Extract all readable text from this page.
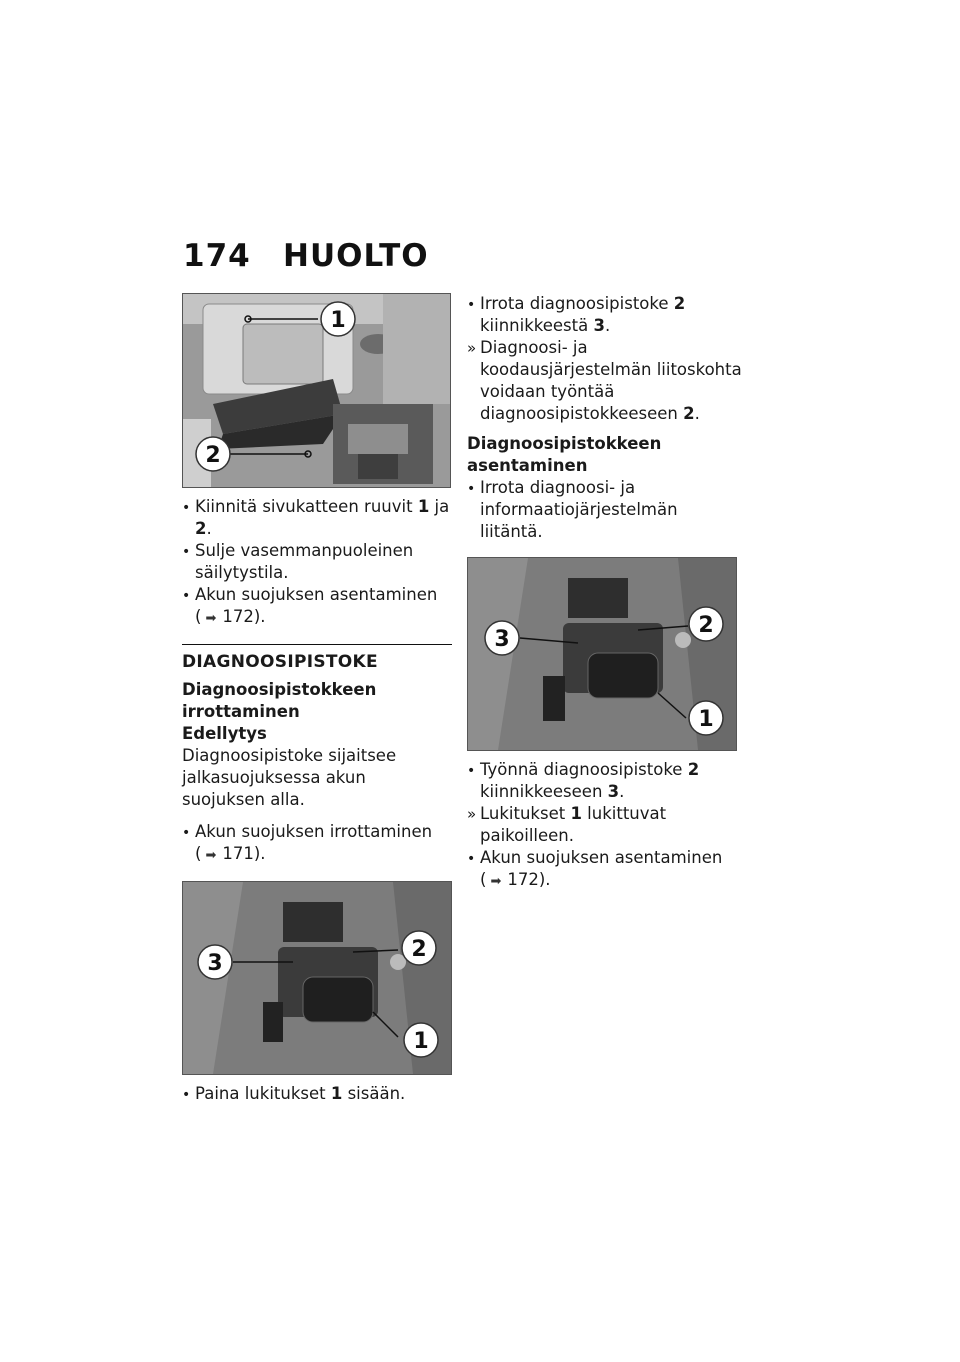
174 HUOLTO
1
2

• Kiinnitä sivukatteen ruuvit 1 ja 2.

• Sulje vasemmanpuoleinen säilytystila.

• Akun suojuksen asentaminen
( ➡ 172).

DIAGNOOSIPISTOKE

Diagnoosipistokkeen irrottaminen

Edellytys

Diagnoosipistoke sijaitsee jalkasuojuksessa akun suojuksen alla.

• Akun suojuksen irrottaminen
( ➡ 171).

3
2
1

• Paina lukitukset 1 sisään.

• Irrota diagnoosipistoke 2 kiinnikkeestä 3.

» Diagnoosi- ja koodausjärjestelmän liitoskohta voidaan työntää diagnoosipistokkeeseen 2.

Diagnoosipistokkeen asentaminen

• Irrota diagnoosi- ja informaatiojärjestelmän liitäntä.

3
2
1

• Työnnä diagnoosipistoke 2 kiinnikkeeseen 3.

» Lukitukset 1 lukittuvat paikoilleen.

• Akun suojuksen asentaminen
( ➡ 172).
